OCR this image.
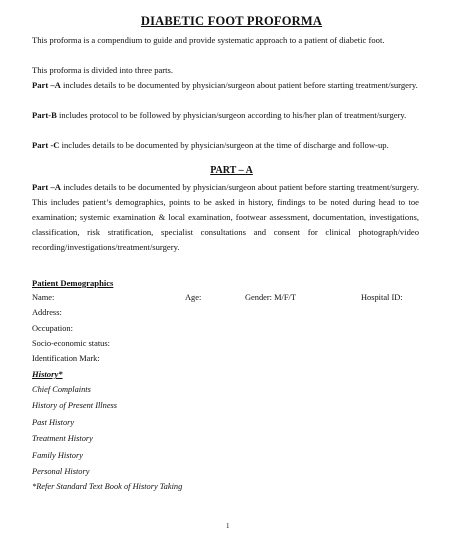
DIABETIC FOOT PROFORMA

This proforma is a compendium to guide and provide systematic approach to a patient of diabetic foot.

This proforma is divided into three parts.

Part –A includes details to be documented by physician/surgeon about patient before starting treatment/surgery.

Part-B includes protocol to be followed by physician/surgeon according to his/her plan of treatment/surgery.

Part -C includes details to be documented by physician/surgeon at the time of discharge and follow-up.

PART – A

Part –A includes details to be documented by physician/surgeon about patient before starting treatment/surgery. This includes patient’s demographics, points to be asked in history, findings to be noted during head to toe examination; systemic examination & local examination, footwear assessment, documentation, investigations, classification, risk stratification, specialist consultations and consent for clinical photograph/video recording/investigations/treatment/surgery.

Patient Demographics
Name:	Age:	Gender: M/F/T	Hospital ID:
Address:
Occupation:
Socio-economic status:
Identification Mark:
History*
Chief Complaints
History of Present Illness
Past History
Treatment History
Family History
Personal History
*Refer Standard Text Book of History Taking
1
